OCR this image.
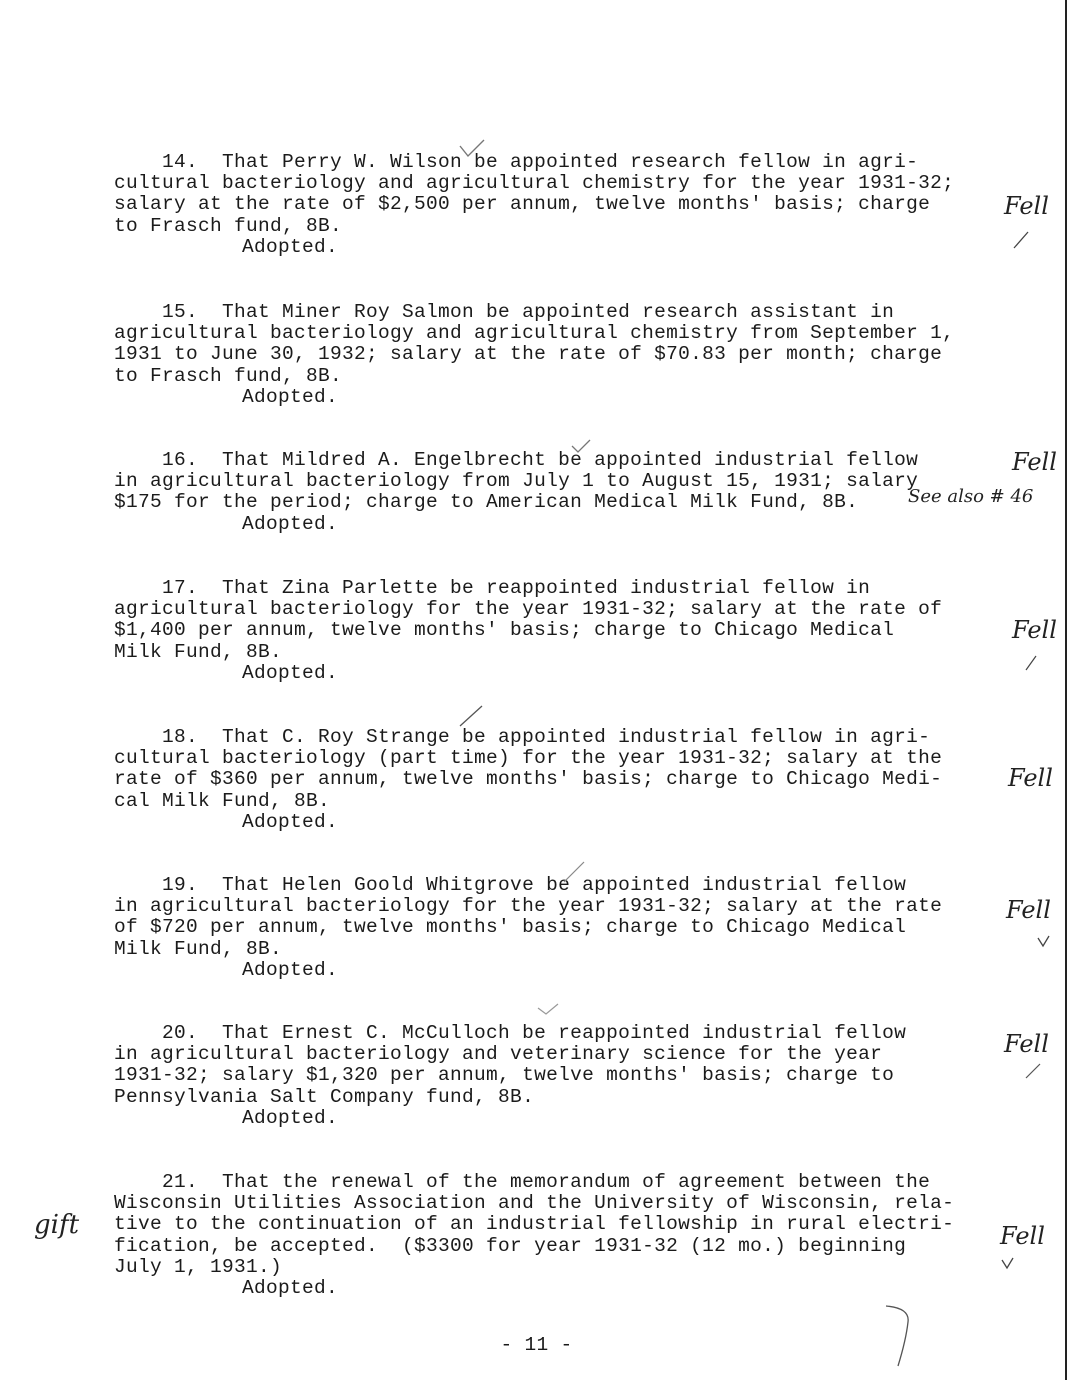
14.  That Perry W. Wilson be appointed research fellow in agri-
cultural bacteriology and agricultural chemistry for the year 1931-32;
salary at the rate of $2,500 per annum, twelve months' basis; charge
to Frasch fund, 8B.
Adopted.
Fell
15.  That Miner Roy Salmon be appointed research assistant in
agricultural bacteriology and agricultural chemistry from September 1,
1931 to June 30, 1932; salary at the rate of $70.83 per month; charge
to Frasch fund, 8B.
Adopted.
16.  That Mildred A. Engelbrecht be appointed industrial fellow
in agricultural bacteriology from July 1 to August 15, 1931; salary
$175 for the period; charge to American Medical Milk Fund, 8B.
Adopted.
Fell
See also # 46
17.  That Zina Parlette be reappointed industrial fellow in
agricultural bacteriology for the year 1931-32; salary at the rate of
$1,400 per annum, twelve months' basis; charge to Chicago Medical
Milk Fund, 8B.
Adopted.
Fell
18.  That C. Roy Strange be appointed industrial fellow in agri-
cultural bacteriology (part time) for the year 1931-32; salary at the
rate of $360 per annum, twelve months' basis; charge to Chicago Medi-
cal Milk Fund, 8B.
Adopted.
Fell
19.  That Helen Goold Whitgrove be appointed industrial fellow
in agricultural bacteriology for the year 1931-32; salary at the rate
of $720 per annum, twelve months' basis; charge to Chicago Medical
Milk Fund, 8B.
Adopted.
Fell
20.  That Ernest C. McCulloch be reappointed industrial fellow
in agricultural bacteriology and veterinary science for the year
1931-32; salary $1,320 per annum, twelve months' basis; charge to
Pennsylvania Salt Company fund, 8B.
Adopted.
Fell
21.  That the renewal of the memorandum of agreement between the
Wisconsin Utilities Association and the University of Wisconsin, rela-
tive to the continuation of an industrial fellowship in rural electri-
fication, be accepted.  ($3300 for year 1931-32 (12 mo.) beginning
July 1, 1931.)
Adopted.
Fell
gift
- 11 -
